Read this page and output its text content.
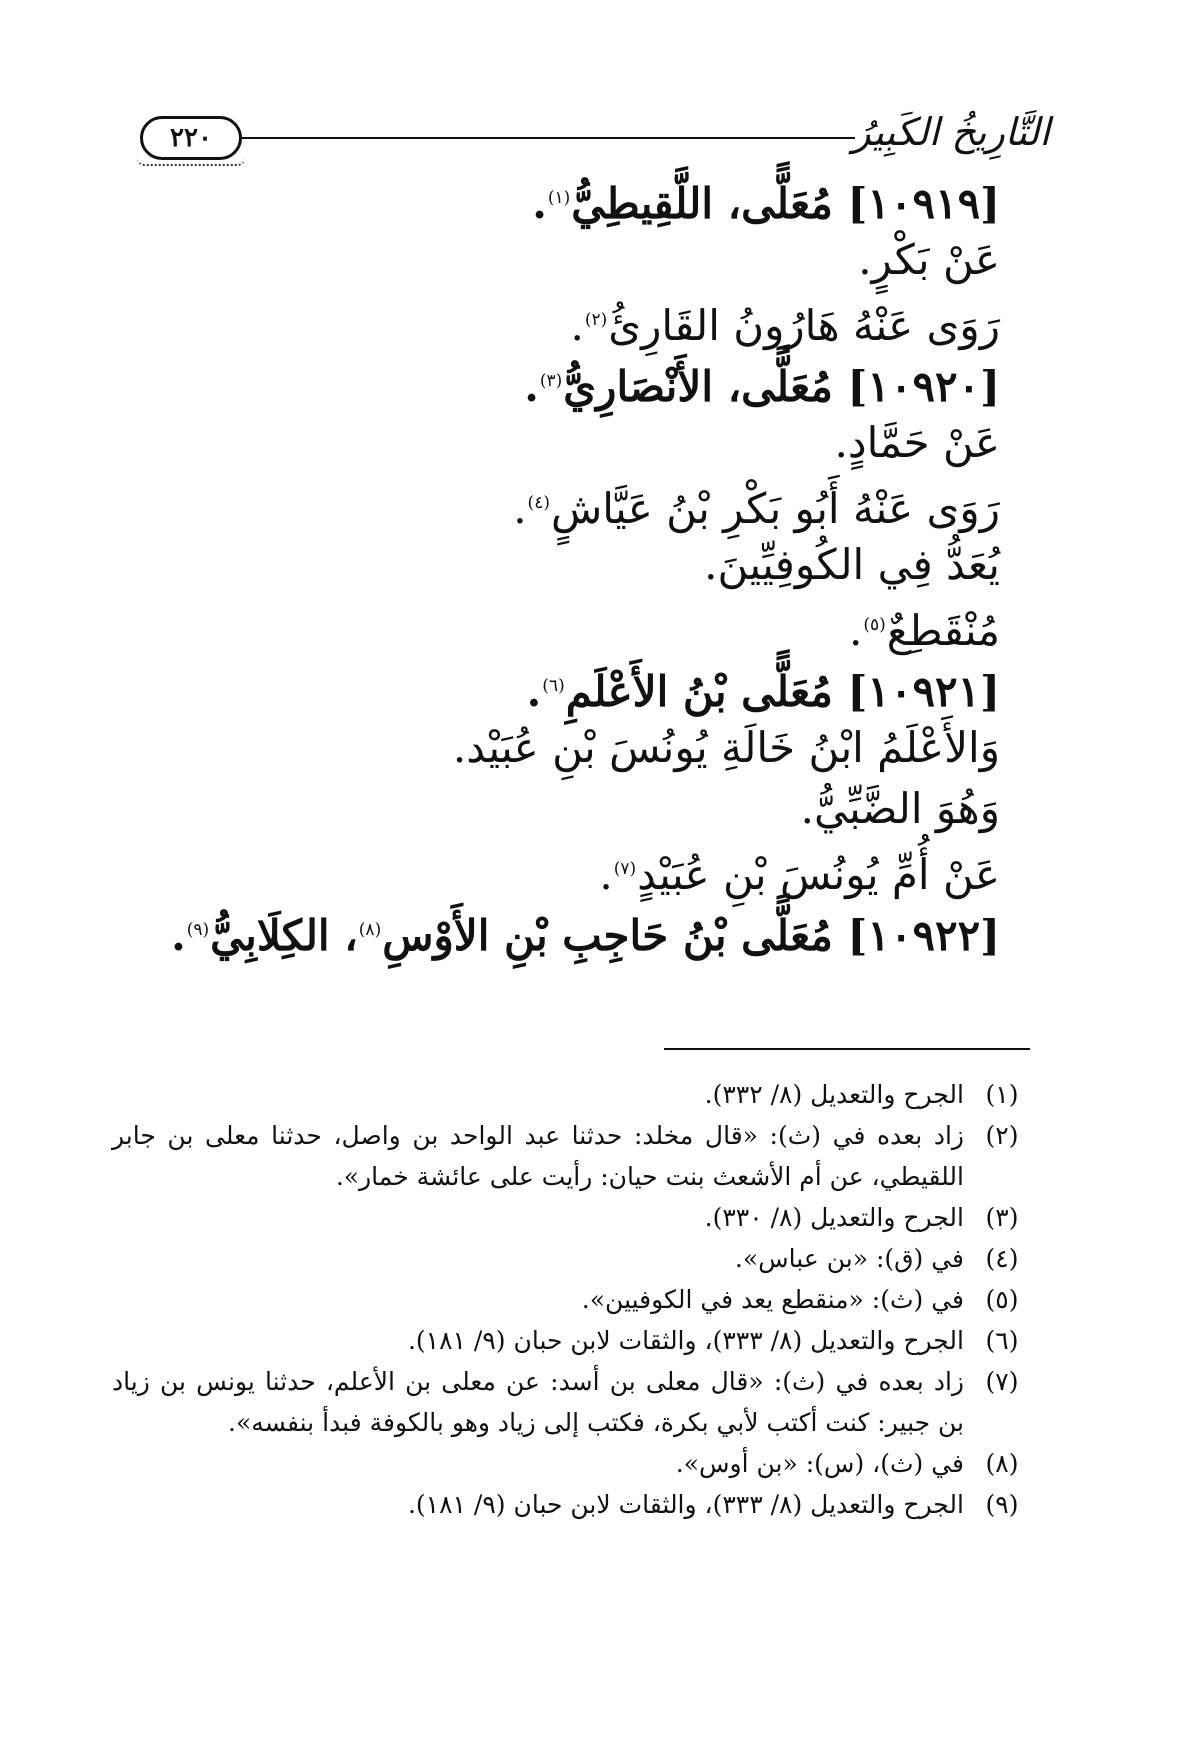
٢٢٠	التَّارِيخُ الكَبِيرُ
[١٠٩١٩] مُعَلًّى، اللَّقِيطِيُّ$^{(١)}$.
عَنْ بَكْرٍ.
رَوَى عَنْهُ هَارُونُ القَارِئُ$^{(٢)}$.
[١٠٩٢٠] مُعَلًّى، الأَنْصَارِيُّ$^{(٣)}$.
عَنْ حَمَّادٍ.
رَوَى عَنْهُ أَبُو بَكْرِ بْنُ عَيَّاشٍ$^{(٤)}$.
يُعَدُّ فِي الكُوفِيِّينَ.
مُنْقَطِعٌ$^{(٥)}$.
[١٠٩٢١] مُعَلًّى بْنُ الأَعْلَمِ$^{(٦)}$.
وَالأَعْلَمُ ابْنُ خَالَةِ يُونُسَ بْنِ عُبَيْد.
وَهُوَ الضَّبِّيُّ.
عَنْ أُمِّ يُونُسَ بْنِ عُبَيْدٍ$^{(٧)}$.
[١٠٩٢٢] مُعَلًّى بْنُ حَاجِبِ بْنِ الأَوْسِ$^{(٨)}$، الكِلَابِيُّ$^{(٩)}$.
(١)
الجرح والتعديل (٨/ ٣٣٢).
(٢)
زاد بعده في (ث): «قال مخلد: حدثنا عبد الواحد بن واصل، حدثنا معلى بن جابر اللقيطي، عن أم الأشعث بنت حيان: رأيت على عائشة خمار».
(٣)
الجرح والتعديل (٨/ ٣٣٠).
(٤)
في (ق): «بن عباس».
(٥)
في (ث): «منقطع يعد في الكوفيين».
(٦)
الجرح والتعديل (٨/ ٣٣٣)، والثقات لابن حبان (٩/ ١٨١).
(٧)
زاد بعده في (ث): «قال معلى بن أسد: عن معلى بن الأعلم، حدثنا يونس بن زياد بن جبير: كنت أكتب لأبي بكرة، فكتب إلى زياد وهو بالكوفة فبدأ بنفسه».
(٨)
في (ث)، (س): «بن أوس».
(٩)
الجرح والتعديل (٨/ ٣٣٣)، والثقات لابن حبان (٩/ ١٨١).
